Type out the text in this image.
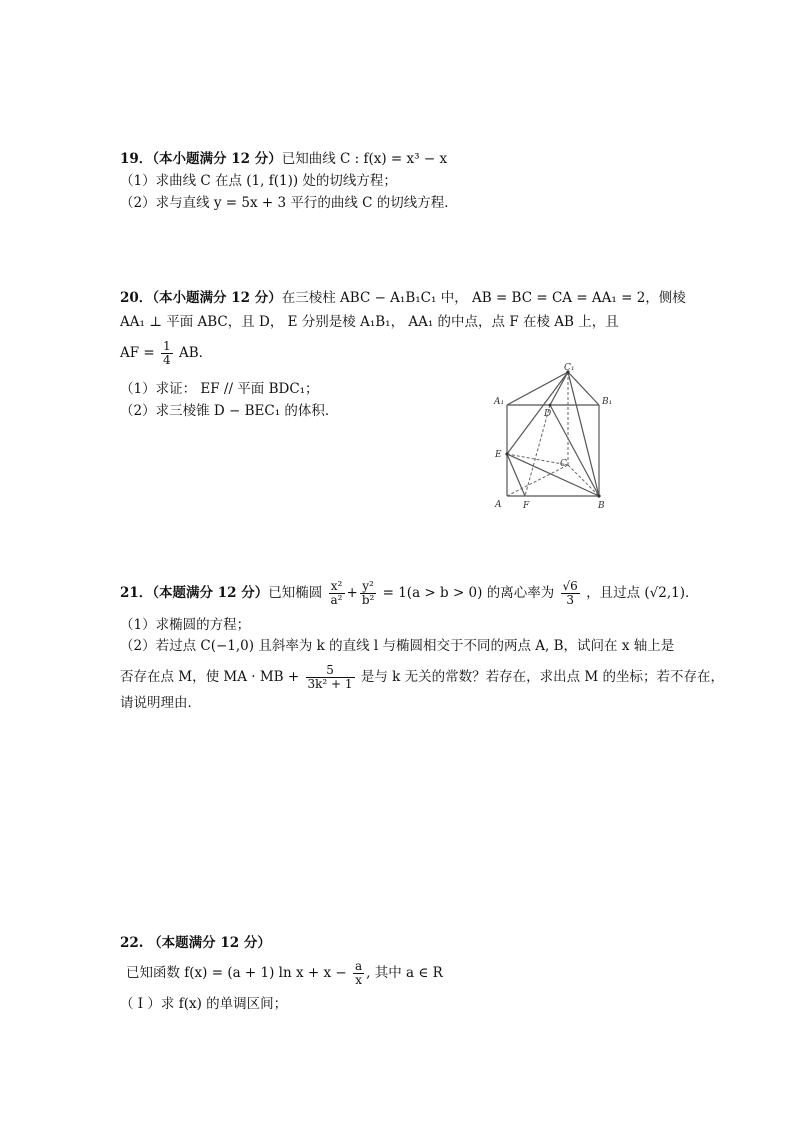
19．（本小题满分 12 分）已知曲线 C : f(x) = x³ − x
（1）求曲线 C 在点 (1, f(1)) 处的切线方程；
（2）求与直线 y = 5x + 3 平行的曲线 C 的切线方程．
20．（本小题满分 12 分）在三棱柱 ABC − A₁B₁C₁ 中， AB = BC = CA = AA₁ = 2，侧棱
AA₁ ⊥ 平面 ABC，且 D， E 分别是棱 A₁B₁， AA₁ 的中点，点 F 在棱 AB 上，且
AF = $\frac{1}{4}$ AB．
（1）求证： EF // 平面 BDC₁；
（2）求三棱锥 D − BEC₁ 的体积．
C₁
A₁	B₁
D
E
C
A F	B
21．（本题满分 12 分）已知椭圆 $\frac{\text{x²}}{\text{a²}} + \frac{\text{y²}}{\text{b²}} = 1(a > b > 0)$ 的离心率为 $\frac{√6}{3}$ ，且过点 (√2,1)．
（1）求椭圆的方程；
（2）若过点 C(−1,0) 且斜率为 k 的直线 l 与椭圆相交于不同的两点 A, B，试问在 x 轴上是
否存在点 M，使 MA · MB + $\frac{5}{\text{3k² + 1}}$ 是与 k 无关的常数？若存在，求出点 M 的坐标；若不存在，
请说明理由．
22. （本题满分 12 分）
已知函数 f(x) = (a + 1) $\ln x + x - \frac{a}{x}$ , 其中 a ∈ R
（ I ）求 f(x) 的单调区间；
